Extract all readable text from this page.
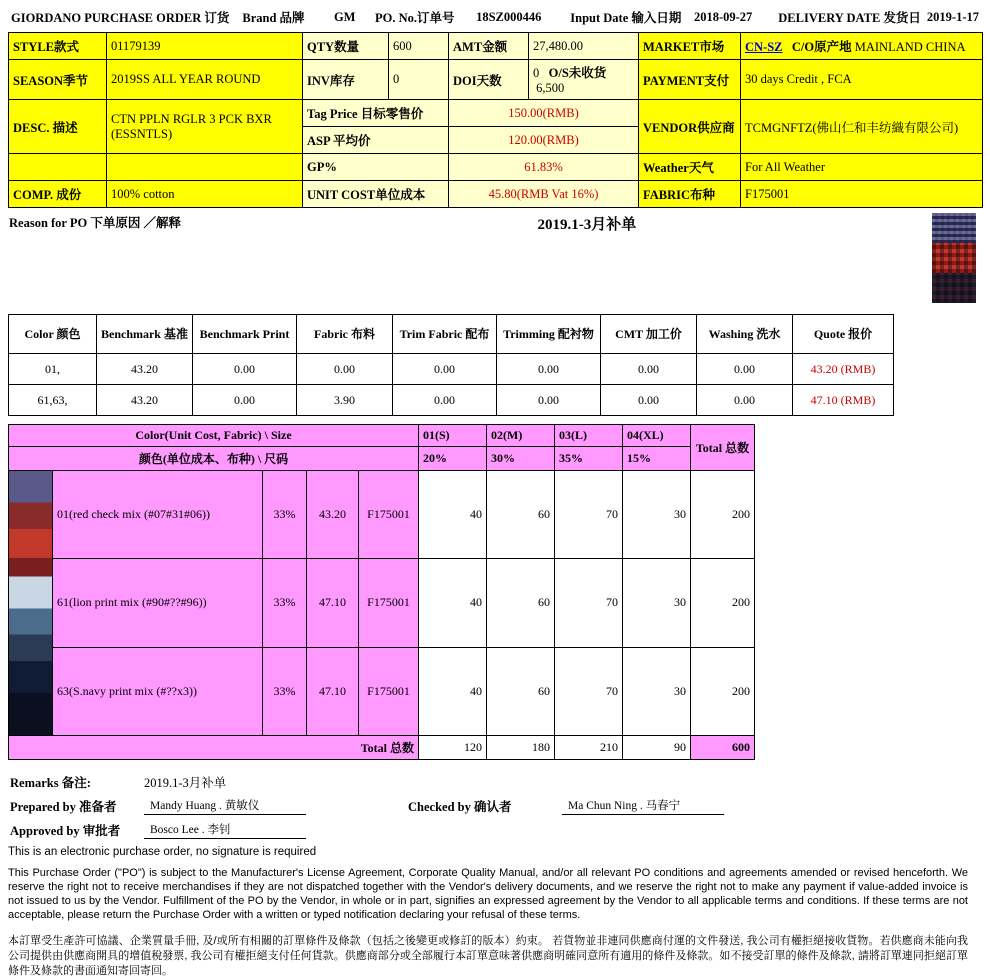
GIORDANO PURCHASE ORDER 订货	Brand 品牌	GM	PO. No.订单号	18SZ000446	Input Date 输入日期	2018-09-27	DELIVERY DATE 发货日	2019-1-17
STYLE款式	01179139	QTY数量	600	AMT金额	27,480.00	MARKET市场	CN-SZ C/O原产地 MAINLAND CHINA
SEASON季节	2019SS ALL YEAR ROUND	INV库存	0	DOI天数	0 O/S未收货  6,500	PAYMENT支付	30 days Credit , FCA
DESC. 描述	CTN PPLN RGLR 3 PCK BXR (ESSNTLS)	Tag Price 目标零售价		150.00(RMB)		VENDOR供应商	TCMGNFTZ(佛山仁和丰纺織有限公司)
		ASP 平均价		120.00(RMB)			
		GP%		61.83%		Weather天气	For All Weather
COMP. 成份	100% cotton	UNIT COST单位成本		45.80(RMB Vat 16%)		FABRIC布种	F175001
Reason for PO 下单原因 ／解释	2019.1-3月补单	
Color 颜色	Benchmark 基准	Benchmark Print	Fabric 布料	Trim Fabric 配布	Trimming 配衬物	CMT 加工价	Washing 洗水	Quote 报价
01,	43.20	0.00	0.00	0.00	0.00	0.00	0.00	43.20 (RMB)
61,63,	43.20	0.00	3.90	0.00	0.00	0.00	0.00	47.10 (RMB)
Color(Unit Cost, Fabric) \ Size					01(S)	02(M)	03(L)	04(XL)	Total 总数
颜色(单位成本、布种) \ 尺码					20%	30%	35%	15%	

	01(red check mix (#07#31#06))	33%	43.20	F175001	40	60	70	30	200
	61(lion print mix (#90#??#96))	33%	47.10	F175001	40	60	70	30	200
	63(S.navy print mix (#??x3))	33%	47.10	F175001	40	60	70	30	200
Total 总数					120	180	210	90	600
Remarks 备注:	2019.1-3月补单		
Prepared by 准备者	Mandy Huang . 黄敏仪	Checked by 确认者	Ma Chun Ning . 马春宁
Approved by 审批者	Bosco Lee . 李钊		
This is an electronic purchase order, no signature is required
This Purchase Order ("PO") is subject to the Manufacturer's License Agreement, Corporate Quality Manual, and/or all relevant PO conditions and agreements amended or revised henceforth. We reserve the right not to receive merchandises if they are not dispatched together with the Vendor's delivery documents, and we reserve the right not to make any payment if value-added invoice is not issued to us by the Vendor. Fulfillment of the PO by the Vendor, in whole or in part, signifies an expressed agreement by the Vendor to all applicable terms and conditions. If these terms are not acceptable, please return the Purchase Order with a written or typed notification declaring your refusal of these terms.
本訂單受生產許可協議、企業質量手冊, 及/或所有相關的訂單條件及條款（包括之後變更或修訂的版本）約束。 若貨物並非連同供應商付運的文件發送, 我公司有權拒絕接收貨物。若供應商未能向我公司提供由供應商開具的增值稅發票, 我公司有權拒絕支付任何貨款。供應商部分或全部履行本訂單意味著供應商明確同意所有適用的條件及條款。如不接受訂單的條件及條款, 請將訂單連同拒絕訂單條件及條款的書面通知寄回寄回。
